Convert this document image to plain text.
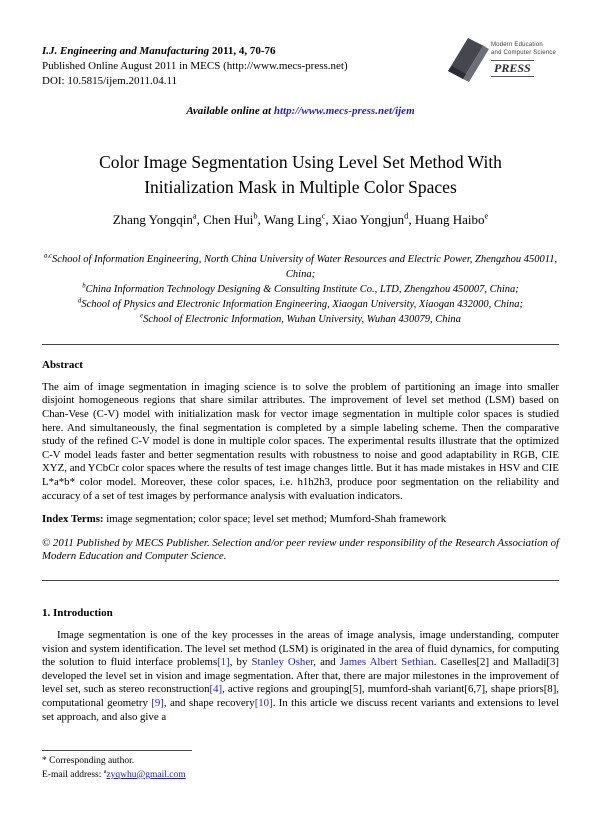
I.J. Engineering and Manufacturing 2011, 4, 70-76
Published Online August 2011 in MECS (http://www.mecs-press.net)
DOI: 10.5815/ijem.2011.04.11
Modern Education
and Computer Science
PRESS
Available online at http://www.mecs-press.net/ijem
Color Image Segmentation Using Level Set Method With Initialization Mask in Multiple Color Spaces
Zhang Yongqin$^a$, Chen Hui$^b$, Wang Ling$^c$, Xiao Yongjun$^d$, Huang Haibo$^e$
$^{a,c}$School of Information Engineering, North China University of Water Resources and Electric Power, Zhengzhou 450011, China;
$^b$China Information Technology Designing & Consulting Institute Co., LTD, Zhengzhou 450007, China;
$^d$School of Physics and Electronic Information Engineering, Xiaogan University, Xiaogan 432000, China;
$^e$School of Electronic Information, Wuhan University, Wuhan 430079, China
Abstract

The aim of image segmentation in imaging science is to solve the problem of partitioning an image into smaller disjoint homogeneous regions that share similar attributes. The improvement of level set method (LSM) based on Chan-Vese (C-V) model with initialization mask for vector image segmentation in multiple color spaces is studied here. And simultaneously, the final segmentation is completed by a simple labeling scheme. Then the comparative study of the refined C-V model is done in multiple color spaces. The experimental results illustrate that the optimized C-V model leads faster and better segmentation results with robustness to noise and good adaptability in RGB, CIE XYZ, and YCbCr color spaces where the results of test image changes little. But it has made mistakes in HSV and CIE L*a*b* color model. Moreover, these color spaces, i.e. h1h2h3, produce poor segmentation on the reliability and accuracy of a set of test images by performance analysis with evaluation indicators.

Index Terms: image segmentation; color space; level set method; Mumford-Shah framework

© 2011 Published by MECS Publisher. Selection and/or peer review under responsibility of the Research Association of Modern Education and Computer Science.

1. Introduction

Image segmentation is one of the key processes in the areas of image analysis, image understanding, computer vision and system identification. The level set method (LSM) is originated in the area of fluid dynamics, for computing the solution to fluid interface problems[1], by Stanley Osher, and James Albert Sethian. Caselles[2] and Malladi[3] developed the level set in vision and image segmentation. After that, there are major milestones in the improvement of level set, such as stereo reconstruction[4], active regions and grouping[5], mumford-shah variant[6,7], shape priors[8], computational geometry [9], and shape recovery[10]. In this article we discuss recent variants and extensions to level set approach, and also give a

* Corresponding author.
E-mail address: $^a$zyqwhu@gmail.com
